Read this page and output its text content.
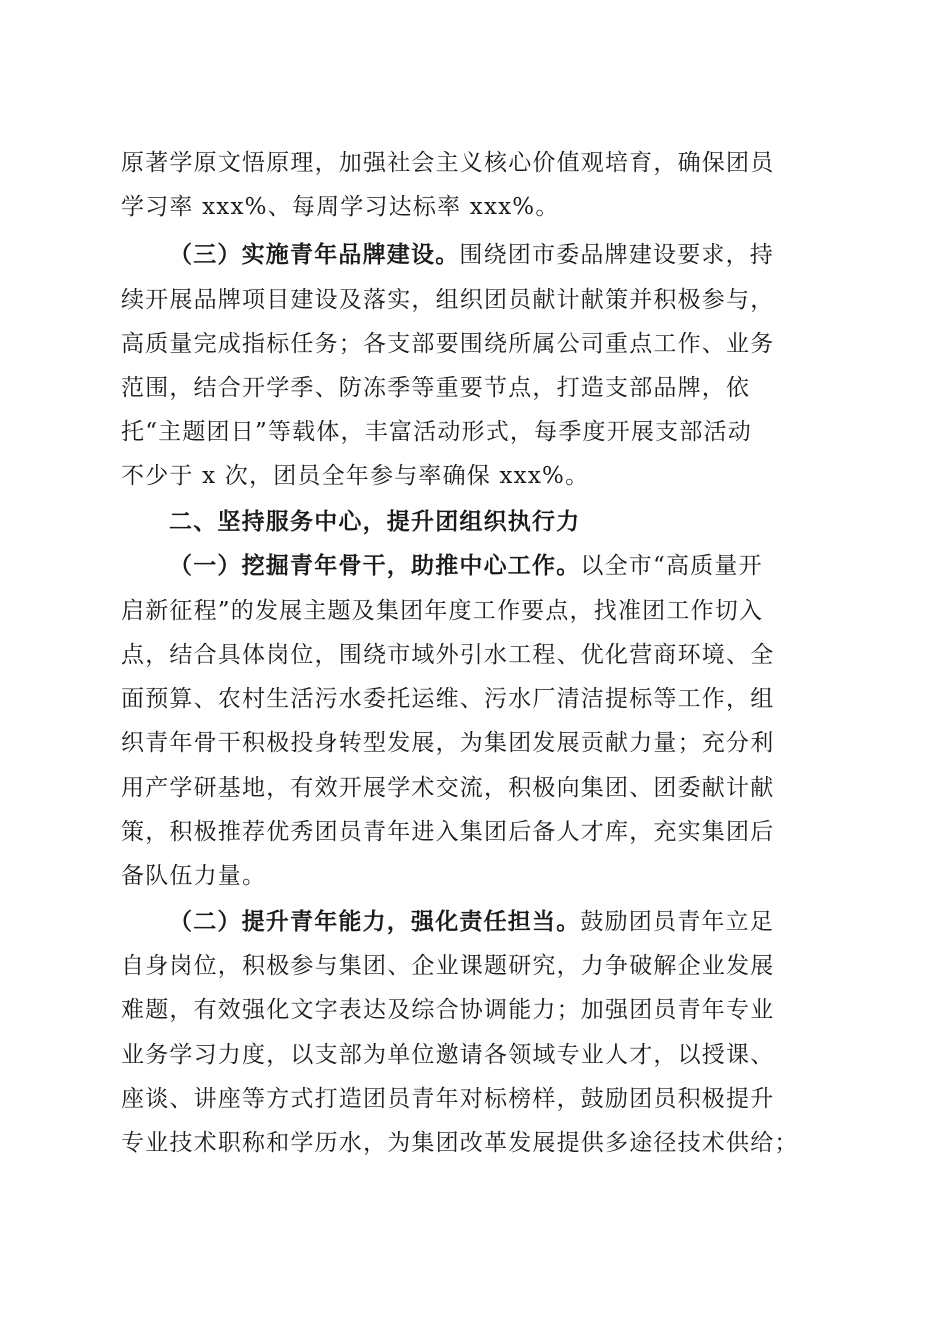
原著学原文悟原理，加强社会主义核心价值观培育，确保团员
学习率 xxx%、每周学习达标率 xxx%。
（三）实施青年品牌建设。围绕团市委品牌建设要求，持
续开展品牌项目建设及落实，组织团员献计献策并积极参与，
高质量完成指标任务；各支部要围绕所属公司重点工作、业务
范围，结合开学季、防冻季等重要节点，打造支部品牌，依
托“主题团日”等载体，丰富活动形式，每季度开展支部活动
不少于 x 次，团员全年参与率确保 xxx%。
二、坚持服务中心，提升团组织执行力
（一）挖掘青年骨干，助推中心工作。以全市“高质量开
启新征程”的发展主题及集团年度工作要点，找准团工作切入
点，结合具体岗位，围绕市域外引水工程、优化营商环境、全
面预算、农村生活污水委托运维、污水厂清洁提标等工作，组
织青年骨干积极投身转型发展，为集团发展贡献力量；充分利
用产学研基地，有效开展学术交流，积极向集团、团委献计献
策，积极推荐优秀团员青年进入集团后备人才库，充实集团后
备队伍力量。
（二）提升青年能力，强化责任担当。鼓励团员青年立足
自身岗位，积极参与集团、企业课题研究，力争破解企业发展
难题，有效强化文字表达及综合协调能力；加强团员青年专业
业务学习力度，以支部为单位邀请各领域专业人才，以授课、
座谈、讲座等方式打造团员青年对标榜样，鼓励团员积极提升
专业技术职称和学历水，为集团改革发展提供多途径技术供给；
